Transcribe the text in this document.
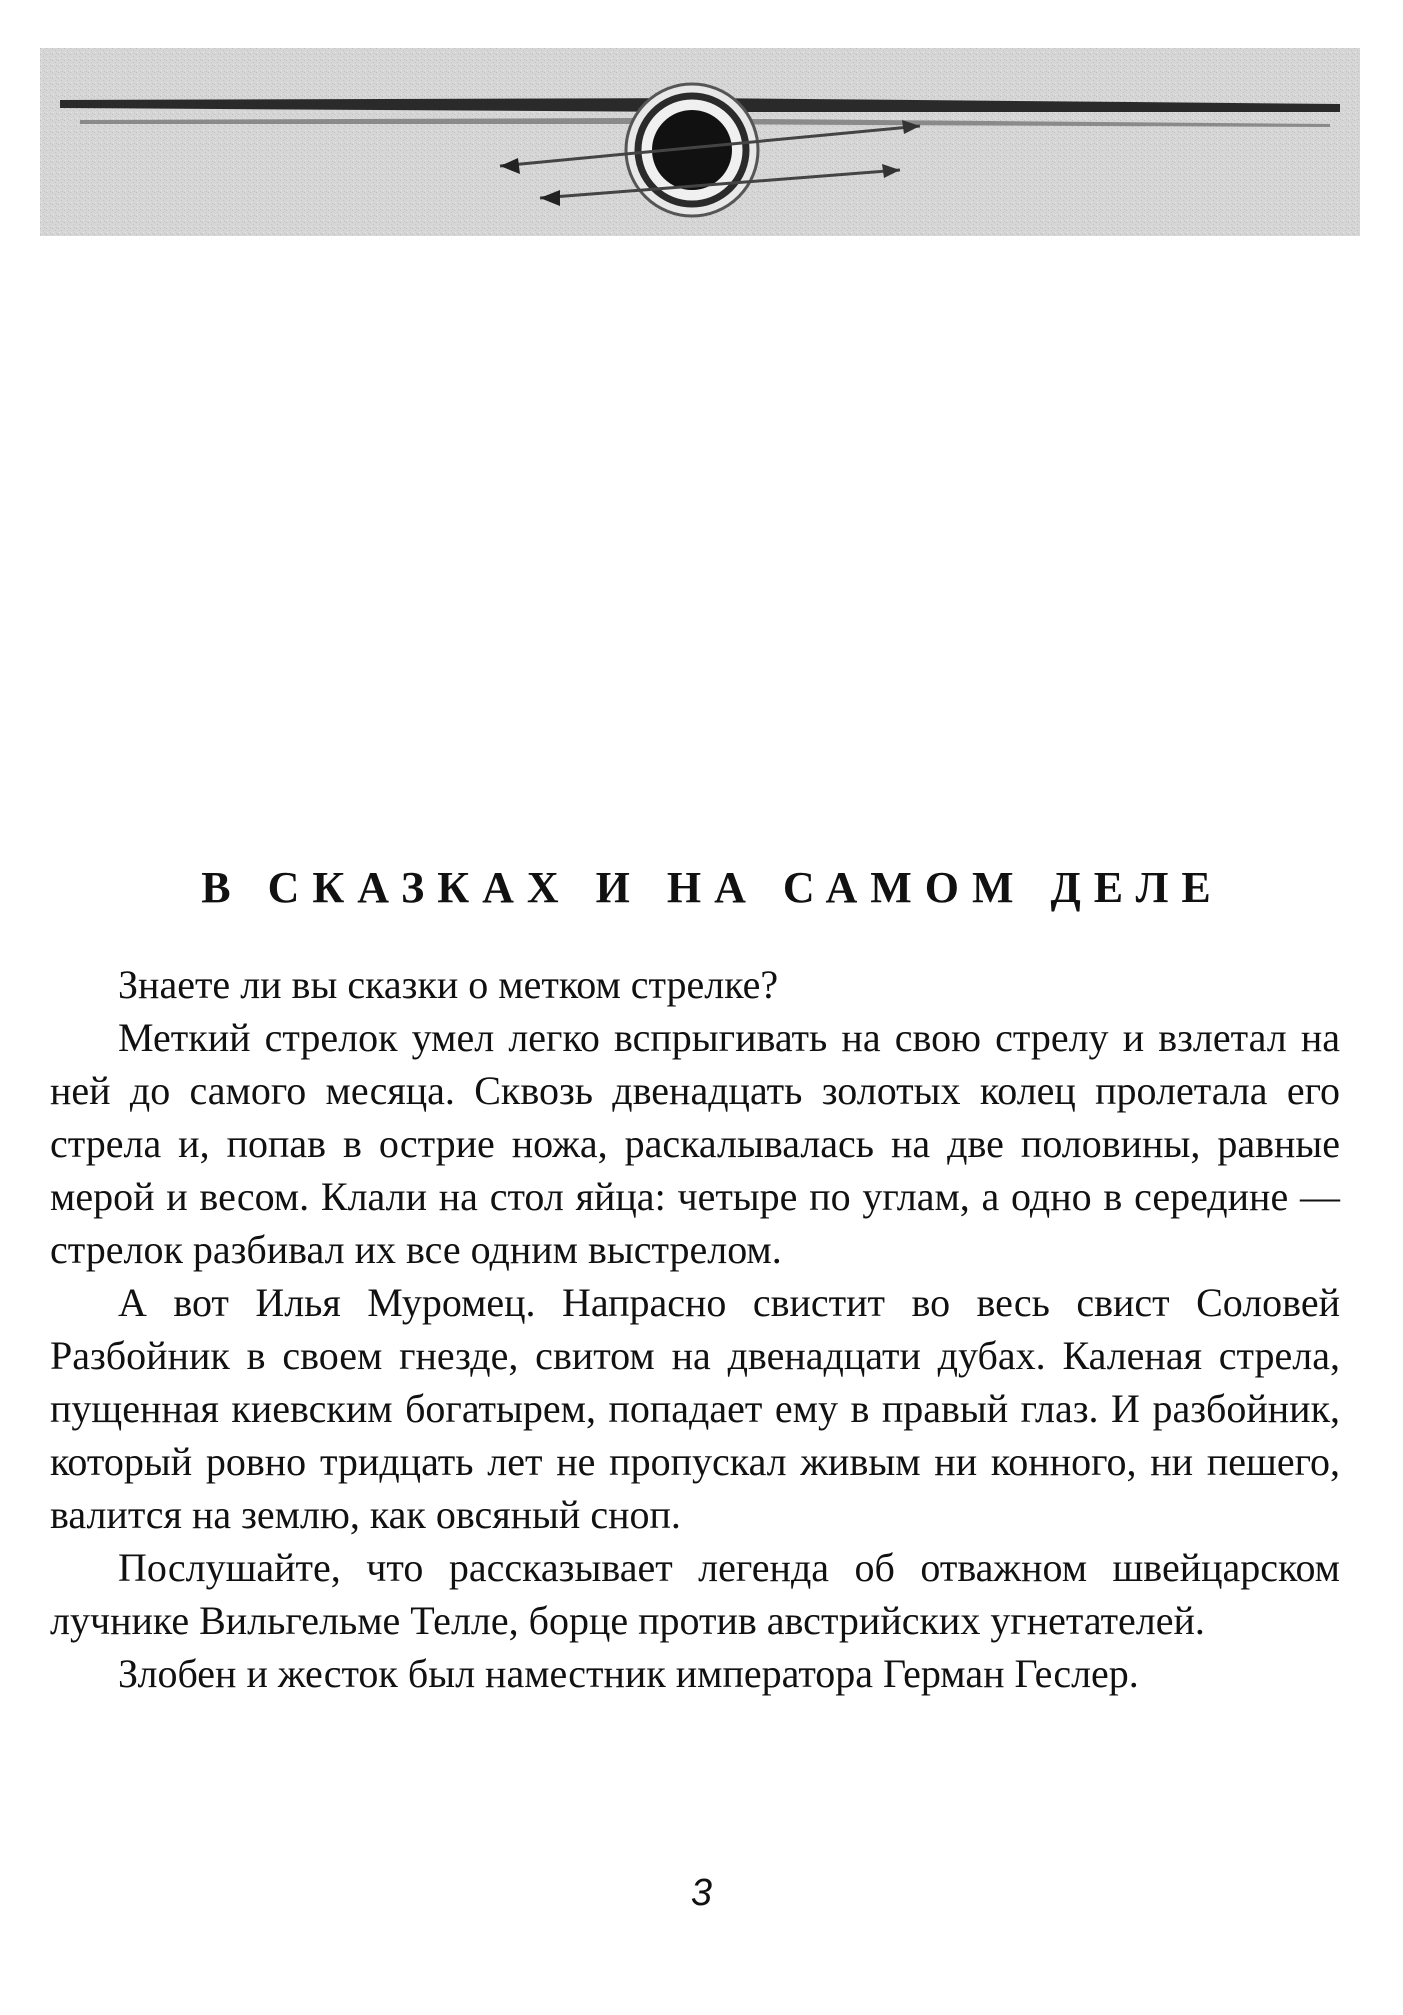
В СКАЗКАХ И НА САМОМ ДЕЛЕ

Знаете ли вы сказки о метком стрелке?

Меткий стрелок умел легко вспрыгивать на свою стрелу и взлетал на ней до самого месяца. Сквозь двенадцать золотых колец пролетала его стрела и, попав в острие ножа, раскалывалась на две половины, равные мерой и весом. Клали на стол яйца: четыре по углам, а одно в середине — стрелок разбивал их все одним выстрелом.

А вот Илья Муромец. Напрасно свистит во весь свист Соловей Разбойник в своем гнезде, свитом на двенадцати дубах. Каленая стрела, пущенная киевским богатырем, попадает ему в правый глаз. И разбойник, который ровно тридцать лет не пропускал живым ни конного, ни пешего, валится на землю, как овсяный сноп.

Послушайте, что рассказывает легенда об отважном швейцарском лучнике Вильгельме Телле, борце против австрийских угнетателей.

Злобен и жесток был наместник императора Герман Геслер.

3
